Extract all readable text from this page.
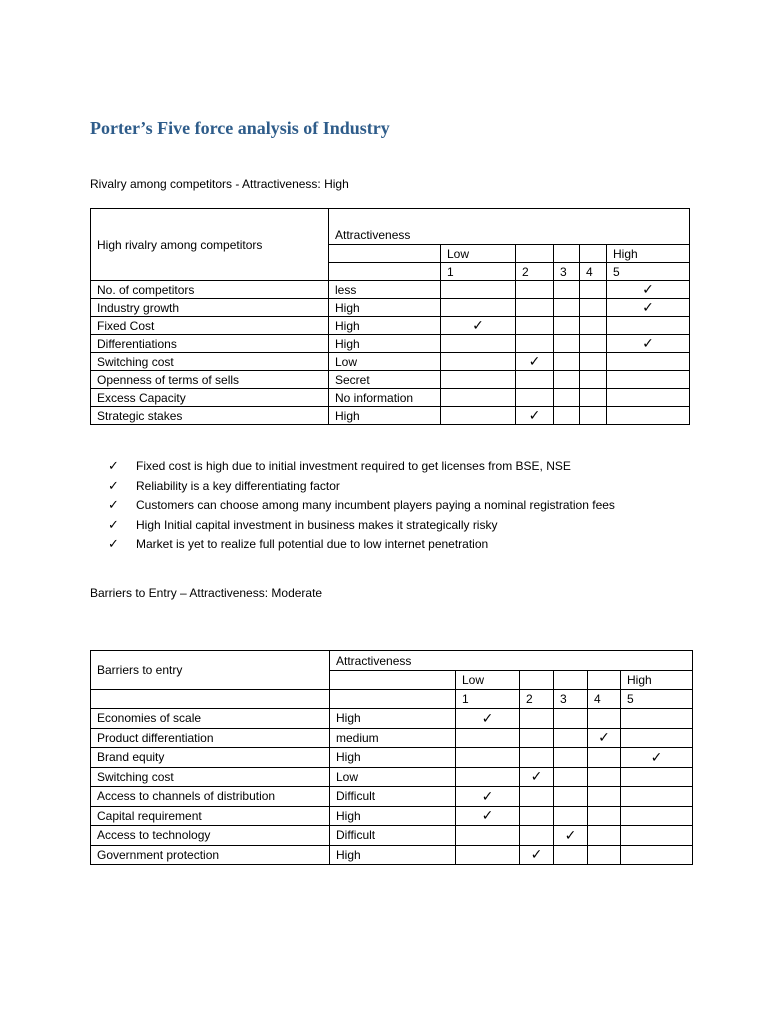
Porter’s Five force analysis of Industry

Rivalry among competitors - Attractiveness: High

High rivalry among competitors	Attractiveness					
		Low				High
		1	2	3	4	5
No. of competitors	less					✓
Industry growth	High					✓
Fixed Cost	High	✓				
Differentiations	High					✓
Switching cost	Low		✓			
Openness of terms of sells	Secret					
Excess Capacity	No information					
Strategic stakes	High		✓			
✓ Fixed cost is high due to initial investment required to get licenses from BSE, NSE
✓ Reliability is a key differentiating factor
✓ Customers can choose among many incumbent players paying a nominal registration fees
✓ High Initial capital investment in business makes it strategically risky
✓ Market is yet to realize full potential due to low internet penetration

Barriers to Entry – Attractiveness: Moderate

Barriers to entry	Attractiveness					
		Low				High
		1	2	3	4	5
Economies of scale	High	✓				
Product differentiation	medium				✓	
Brand equity	High					✓
Switching cost	Low		✓			
Access to channels of distribution	Difficult	✓				
Capital requirement	High	✓				
Access to technology	Difficult			✓		
Government protection	High		✓			
